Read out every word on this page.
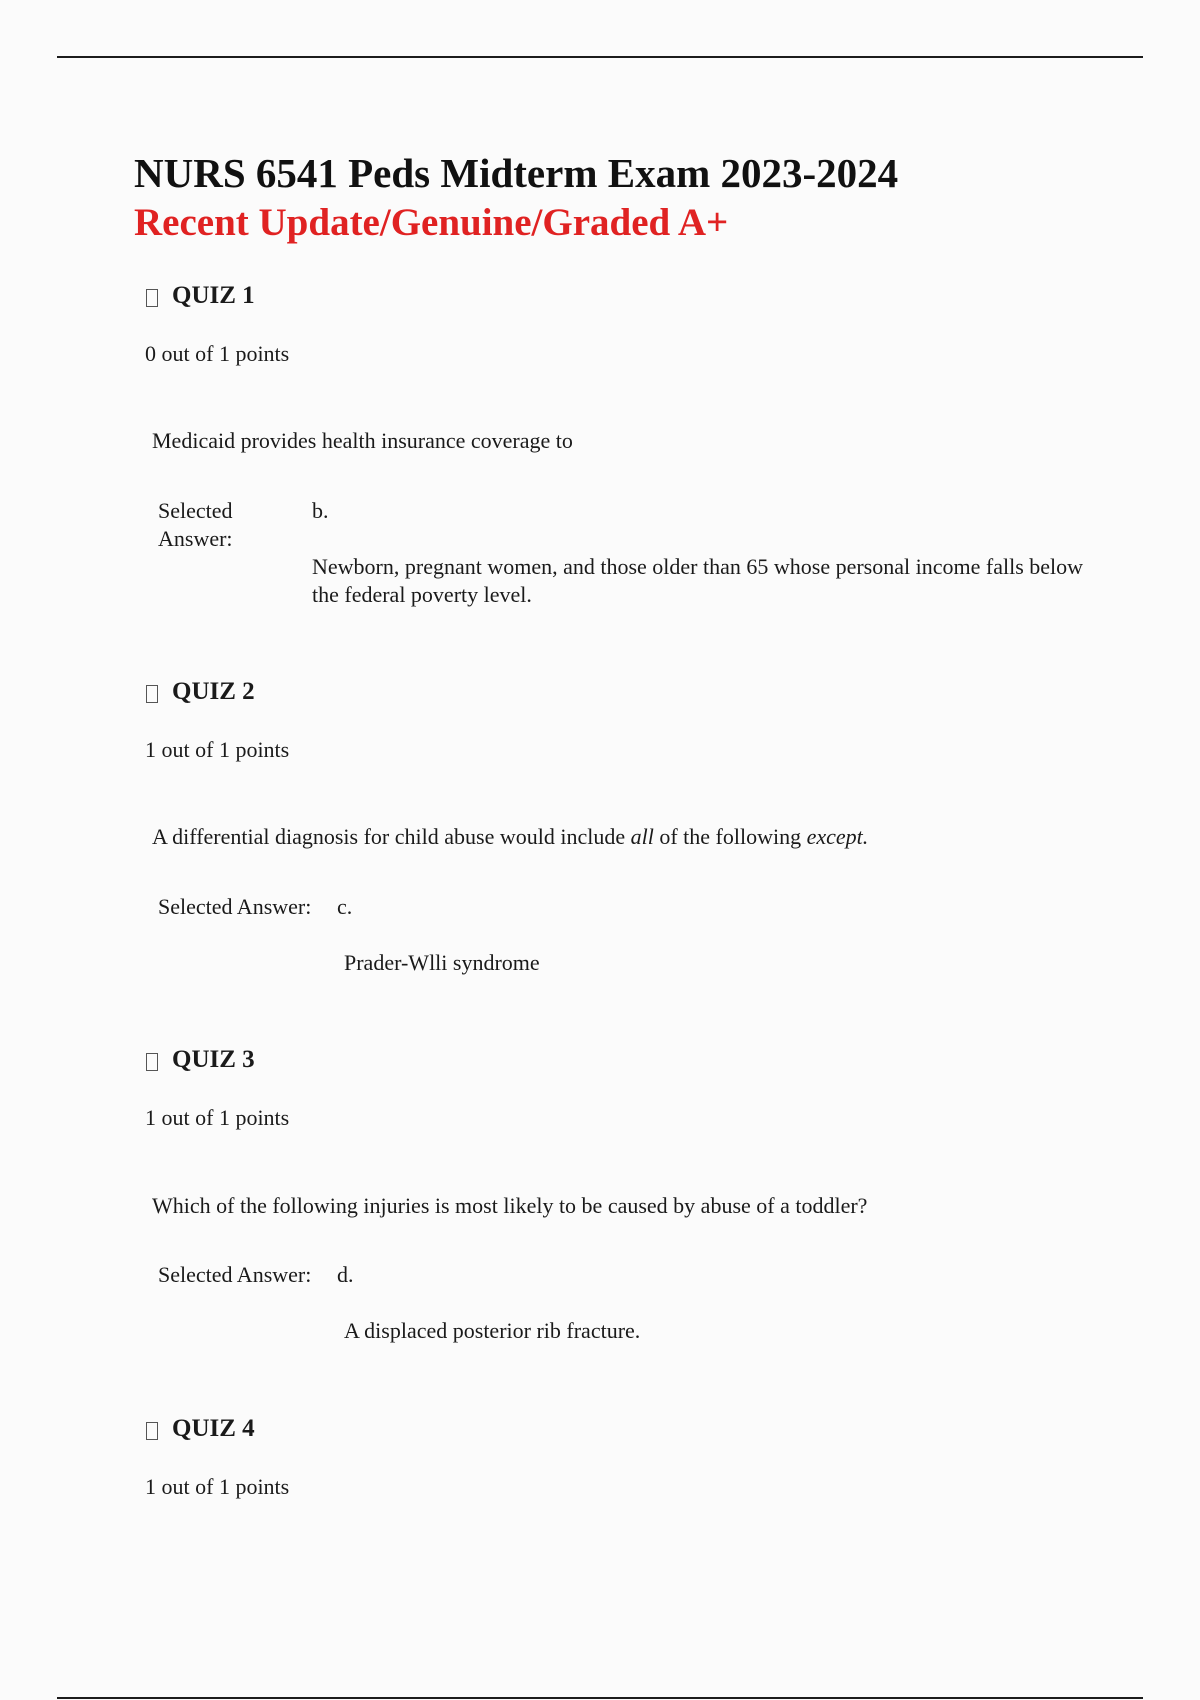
NURS 6541 Peds Midterm Exam 2023-2024
Recent Update/Genuine/Graded A+
QUIZ 1
0 out of 1 points
Medicaid provides health insurance coverage to
Selected Answer:
b.
Newborn, pregnant women, and those older than 65 whose personal income falls below the federal poverty level.
QUIZ 2
1 out of 1 points
A differential diagnosis for child abuse would include all of the following except.
Selected Answer: c.
Prader-Wlli syndrome
QUIZ 3
1 out of 1 points
Which of the following injuries is most likely to be caused by abuse of a toddler?
Selected Answer: d.
A displaced posterior rib fracture.
QUIZ 4
1 out of 1 points
